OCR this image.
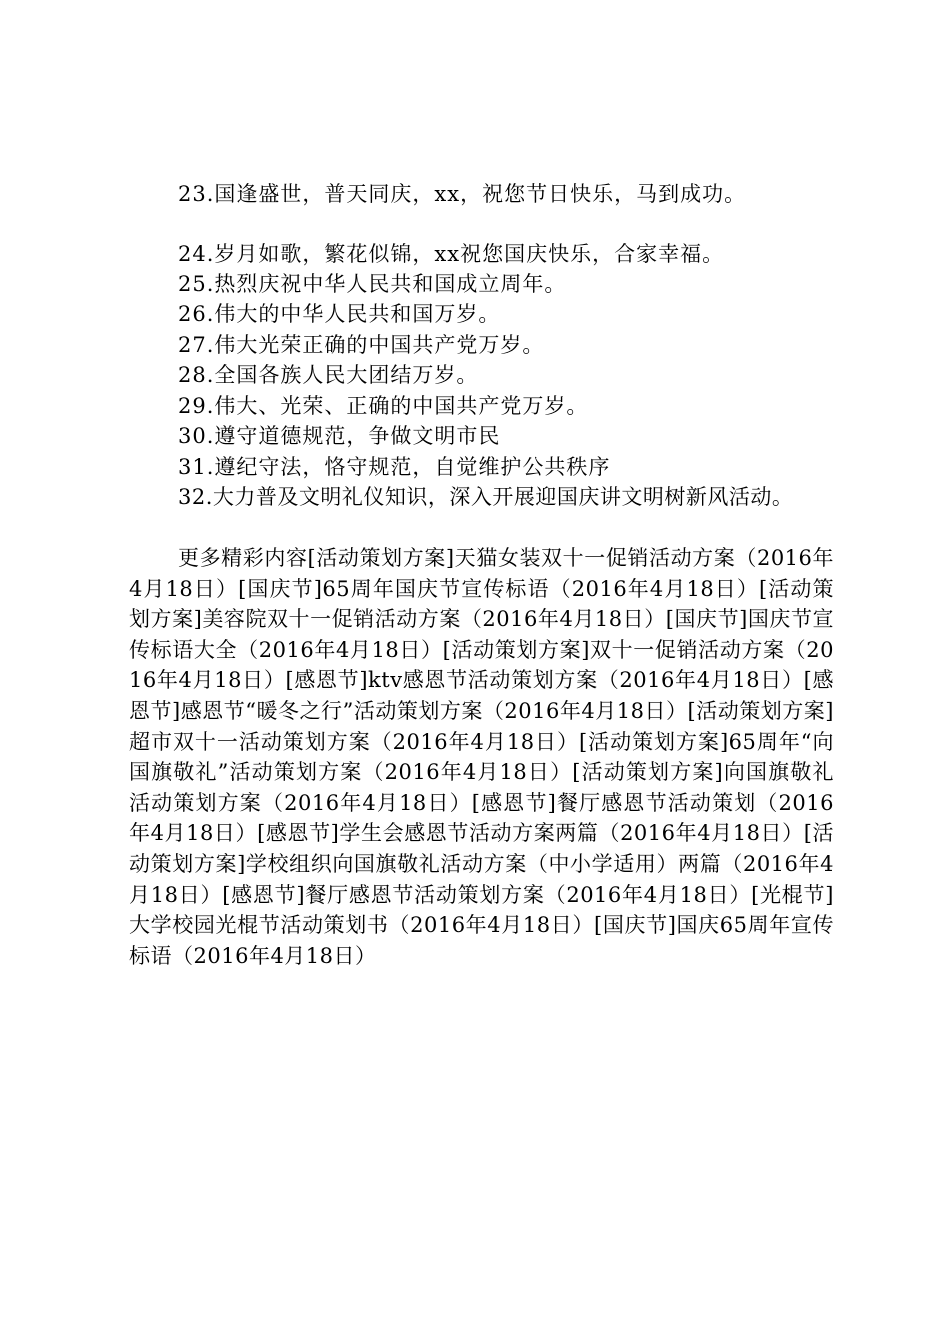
23.国逢盛世，普天同庆，xx，祝您节日快乐，马到成功。
24.岁月如歌，繁花似锦，xx祝您国庆快乐，合家幸福。
25.热烈庆祝中华人民共和国成立周年。
26.伟大的中华人民共和国万岁。
27.伟大光荣正确的中国共产党万岁。
28.全国各族人民大团结万岁。
29.伟大、光荣、正确的中国共产党万岁。
30.遵守道德规范，争做文明市民
31.遵纪守法，恪守规范，自觉维护公共秩序
32.大力普及文明礼仪知识，深入开展迎国庆讲文明树新风活动。
更多精彩内容[活动策划方案]天猫女装双十一促销活动方案（2016年4月18日）[国庆节]65周年国庆节宣传标语（2016年4月18日）[活动策划方案]美容院双十一促销活动方案（2016年4月18日）[国庆节]国庆节宣传标语大全（2016年4月18日）[活动策划方案]双十一促销活动方案（2016年4月18日）[感恩节]ktv感恩节活动策划方案（2016年4月18日）[感恩节]感恩节“暖冬之行”活动策划方案（2016年4月18日）[活动策划方案]超市双十一活动策划方案（2016年4月18日）[活动策划方案]65周年“向国旗敬礼”活动策划方案（2016年4月18日）[活动策划方案]向国旗敬礼活动策划方案（2016年4月18日）[感恩节]餐厅感恩节活动策划（2016年4月18日）[感恩节]学生会感恩节活动方案两篇（2016年4月18日）[活动策划方案]学校组织向国旗敬礼活动方案（中小学适用）两篇（2016年4月18日）[感恩节]餐厅感恩节活动策划方案（2016年4月18日）[光棍节]大学校园光棍节活动策划书（2016年4月18日）[国庆节]国庆65周年宣传标语（2016年4月18日）
